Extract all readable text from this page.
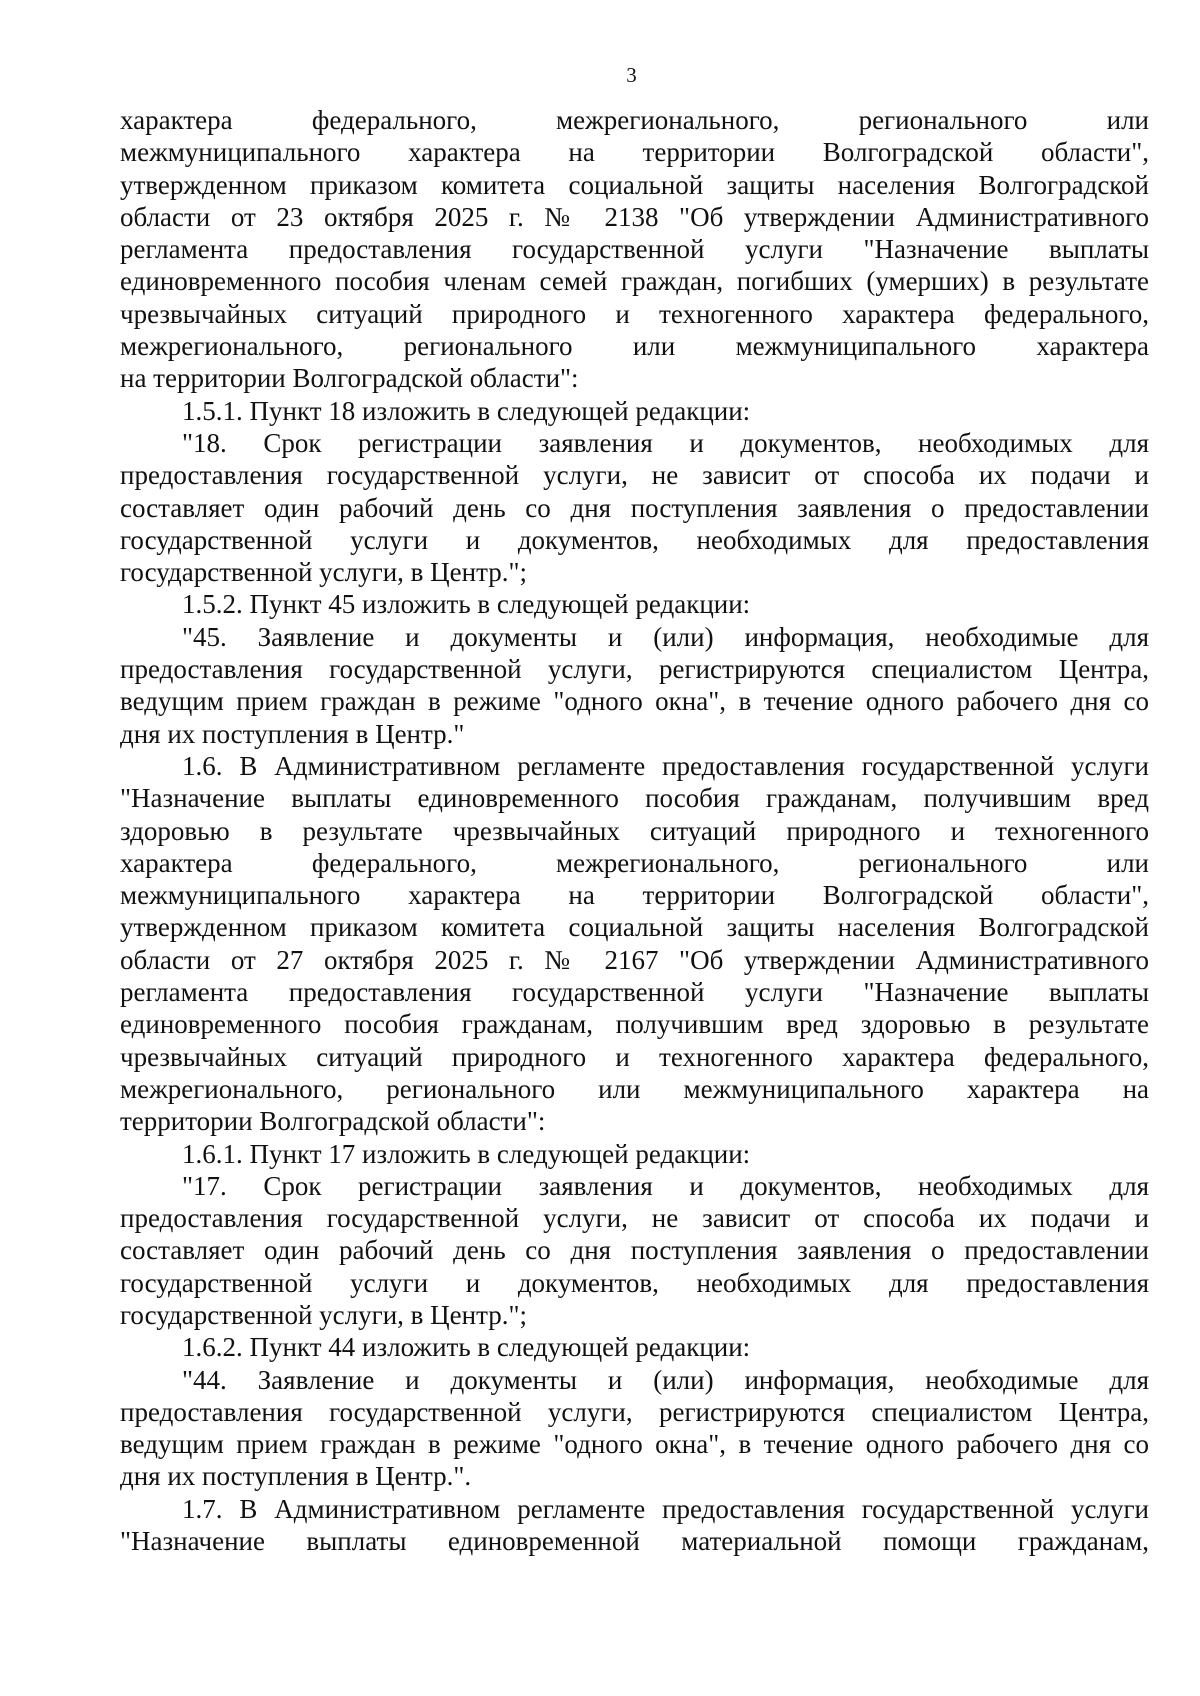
3
характера федерального, межрегионального, регионального или
межмуниципального характера на территории Волгоградской области",
утвержденном приказом комитета социальной защиты населения Волгоградской
области от 23 октября 2025 г. № 2138 "Об утверждении Административного
регламента предоставления государственной услуги "Назначение выплаты
единовременного пособия членам семей граждан, погибших (умерших) в результате
чрезвычайных ситуаций природного и техногенного характера федерального,
межрегионального, регионального или межмуниципального характера
на территории Волгоградской области":
1.5.1. Пункт 18 изложить в следующей редакции:
"18. Срок регистрации заявления и документов, необходимых для
предоставления государственной услуги, не зависит от способа их подачи и
составляет один рабочий день со дня поступления заявления о предоставлении
государственной услуги и документов, необходимых для предоставления
государственной услуги, в Центр.";
1.5.2. Пункт 45 изложить в следующей редакции:
"45. Заявление и документы и (или) информация, необходимые для
предоставления государственной услуги, регистрируются специалистом Центра,
ведущим прием граждан в режиме "одного окна", в течение одного рабочего дня со
дня их поступления в Центр."
1.6. В Административном регламенте предоставления государственной услуги
"Назначение выплаты единовременного пособия гражданам, получившим вред
здоровью в результате чрезвычайных ситуаций природного и техногенного
характера федерального, межрегионального, регионального или
межмуниципального характера на территории Волгоградской области",
утвержденном приказом комитета социальной защиты населения Волгоградской
области от 27 октября 2025 г. № 2167 "Об утверждении Административного
регламента предоставления государственной услуги "Назначение выплаты
единовременного пособия гражданам, получившим вред здоровью в результате
чрезвычайных ситуаций природного и техногенного характера федерального,
межрегионального, регионального или межмуниципального характера на
территории Волгоградской области":
1.6.1. Пункт 17 изложить в следующей редакции:
"17. Срок регистрации заявления и документов, необходимых для
предоставления государственной услуги, не зависит от способа их подачи и
составляет один рабочий день со дня поступления заявления о предоставлении
государственной услуги и документов, необходимых для предоставления
государственной услуги, в Центр.";
1.6.2. Пункт 44 изложить в следующей редакции:
"44. Заявление и документы и (или) информация, необходимые для
предоставления государственной услуги, регистрируются специалистом Центра,
ведущим прием граждан в режиме "одного окна", в течение одного рабочего дня со
дня их поступления в Центр.".
1.7. В Административном регламенте предоставления государственной услуги
"Назначение выплаты единовременной материальной помощи гражданам,
